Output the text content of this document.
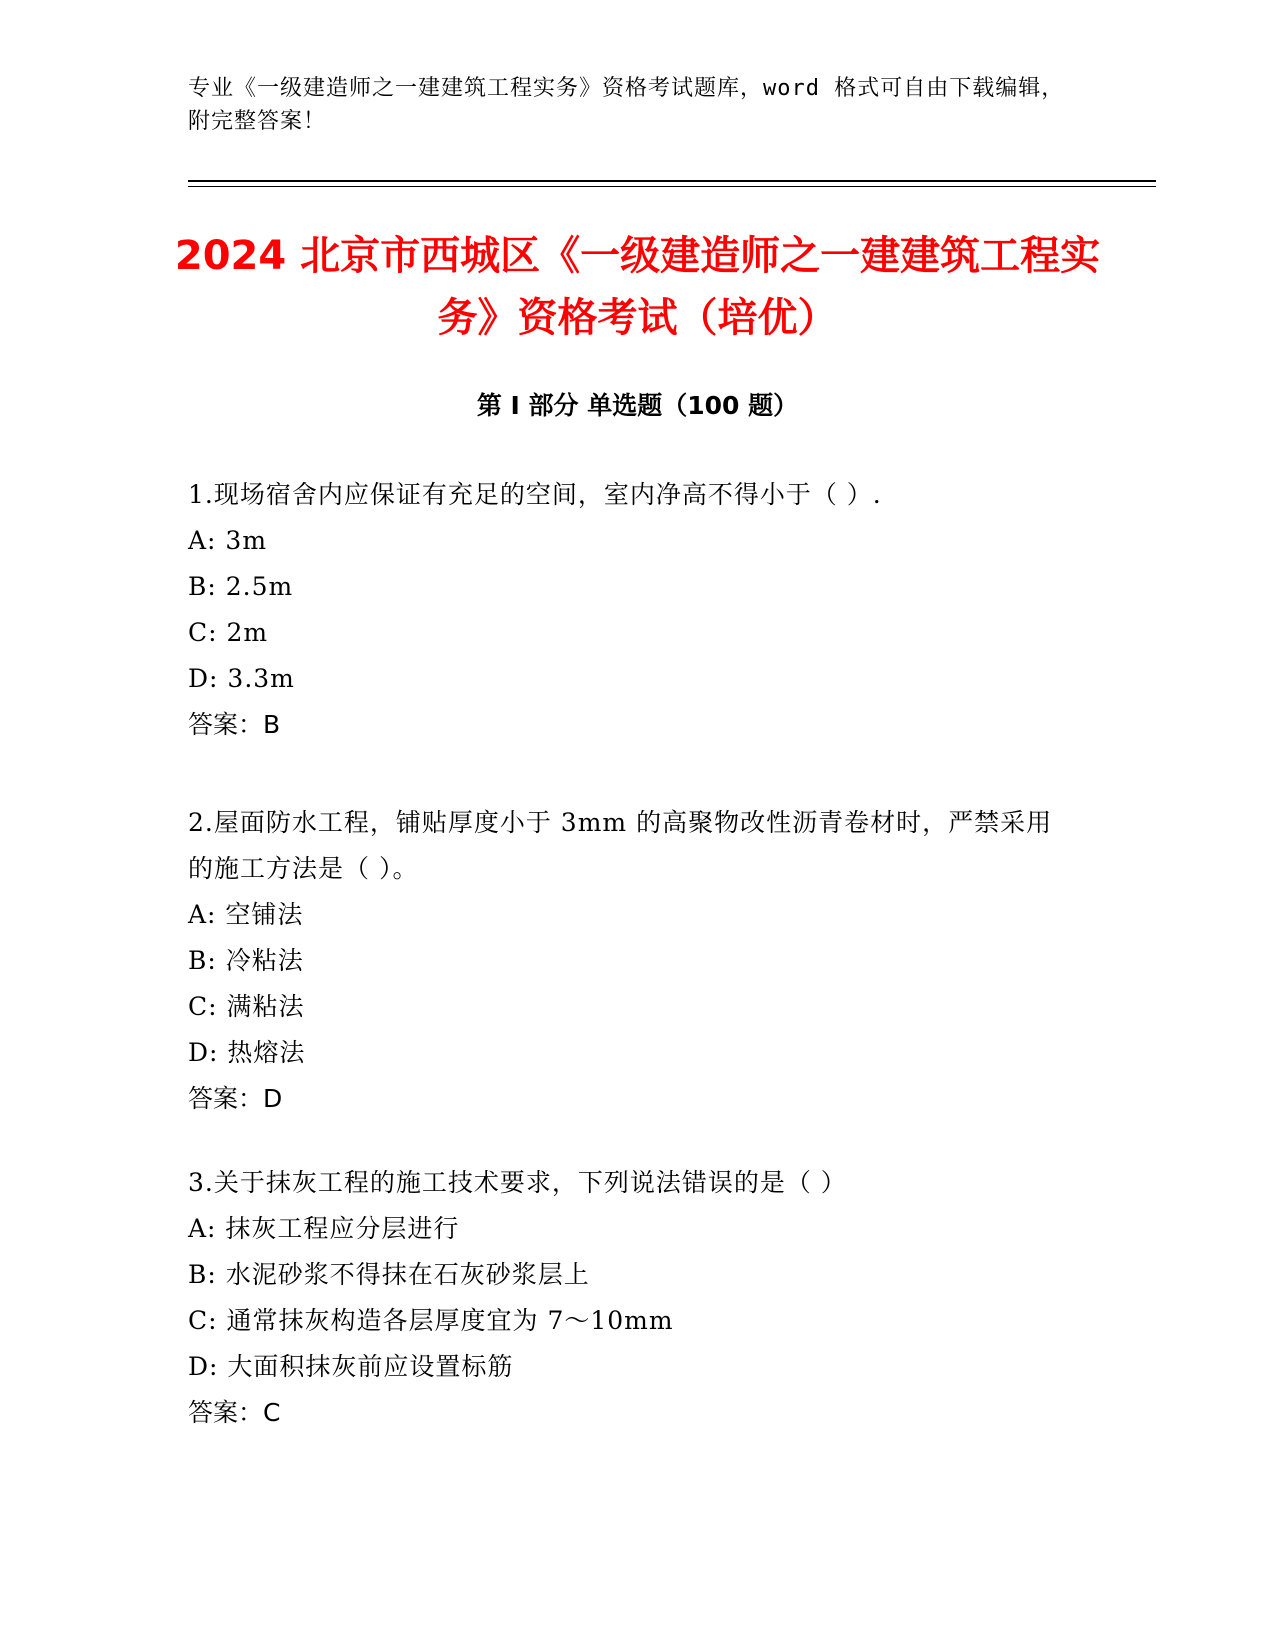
专业《一级建造师之一建建筑工程实务》资格考试题库，word 格式可自由下载编辑，附完整答案！
2024 北京市西城区《一级建造师之一建建筑工程实务》资格考试（培优）
第 I 部分 单选题（100 题）

1.现场宿舍内应保证有充足的空间，室内净高不得小于（ ）.

A: 3m

B: 2.5m

C: 2m

D: 3.3m

答案：B

2.屋面防水工程，铺贴厚度小于 3mm 的高聚物改性沥青卷材时，严禁采用的施工方法是（ ）。

A: 空铺法

B: 冷粘法

C: 满粘法

D: 热熔法

答案：D

3.关于抹灰工程的施工技术要求，下列说法错误的是（ ）

A: 抹灰工程应分层进行

B: 水泥砂浆不得抹在石灰砂浆层上

C: 通常抹灰构造各层厚度宜为 7～10mm

D: 大面积抹灰前应设置标筋

答案：C
